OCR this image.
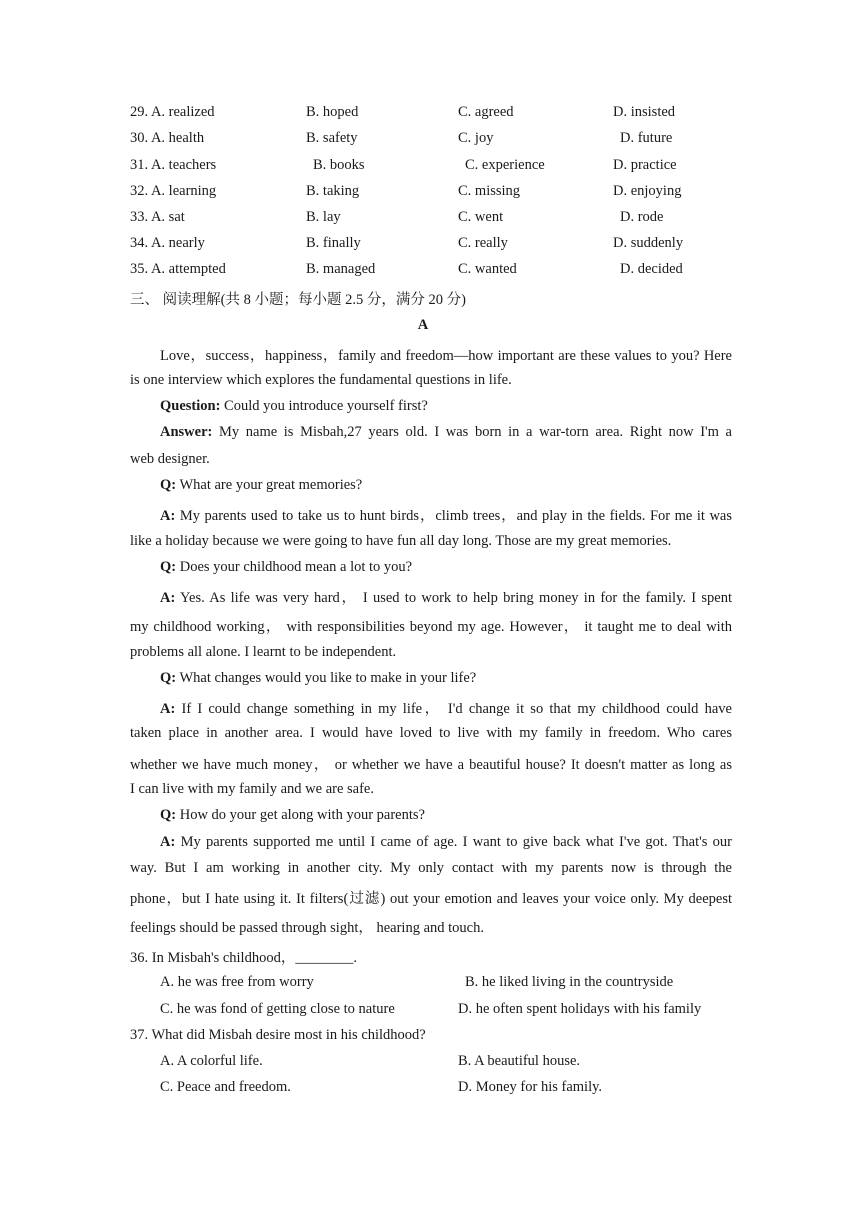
29. A. realized	B. hoped	C. agreed	D. insisted
30. A. health	B. safety	C. joy	D. future
31. A. teachers	B. books	C. experience	D. practice
32. A. learning	B. taking	C. missing	D. enjoying
33. A. sat	B. lay	C. went	D. rode
34. A. nearly	B. finally	C. really	D. suddenly
35. A. attempted	B. managed	C. wanted	D. decided
三、 阅读理解(共 8 小题；每小题 2.5 分，满分 20 分)
A
Love，success，happiness，family and freedom—how important are these values to you? Here
is one interview which explores the fundamental questions in life.
Question: Could you introduce yourself first?
Answer: My name is Misbah,27 years old. I was born in a war-torn area. Right now I'm a
web designer.
Q: What are your great memories?
A: My parents used to take us to hunt birds，climb trees，and play in the fields. For me it was
like a holiday because we were going to have fun all day long. Those are my great memories.
Q: Does your childhood mean a lot to you?
A: Yes. As life was very hard， I used to work to help bring money in for the family. I spent
my childhood working， with responsibilities beyond my age. However， it taught me to deal with
problems all alone. I learnt to be independent.
Q: What changes would you like to make in your life?
A: If I could change something in my life， I'd change it so that my childhood could have
taken place in another area. I would have loved to live with my family in freedom. Who cares
whether we have much money， or whether we have a beautiful house? It doesn't matter as long as
I can live with my family and we are safe.
Q: How do your get along with your parents?
A: My parents supported me until I came of age. I want to give back what I've got. That's our
way. But I am working in another city. My only contact with my parents now is through the
phone，but I hate using it. It filters(过滤) out your emotion and leaves your voice only. My deepest
feelings should be passed through sight， hearing and touch.
36. In Misbah's childhood，________.
A. he was free from worry	B. he liked living in the countryside
C. he was fond of getting close to nature	D. he often spent holidays with his family
37. What did Misbah desire most in his childhood?
A. A colorful life.	B. A beautiful house.
C. Peace and freedom.	D. Money for his family.
